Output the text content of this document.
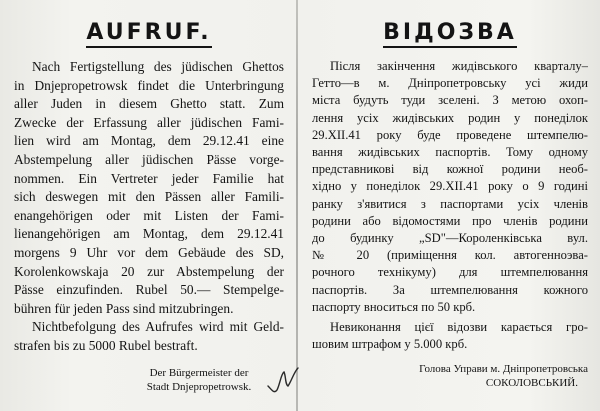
AUFRUF.
Nach Fertigstellung des jüdischen Ghettos
in Dnjepropetrowsk findet die Unterbringung
aller Juden in diesem Ghetto statt. Zum
Zwecke der Erfassung aller jüdischen Fami-
lien wird am Montag, dem 29.12.41 eine
Abstempelung aller jüdischen Pässe vorge-
nommen. Ein Vertreter jeder Familie hat
sich deswegen mit den Pässen aller Famili-
enangehörigen oder mit Listen der Fami-
lienangehörigen am Montag, dem 29.12.41
morgens 9 Uhr vor dem Gebäude des SD,
Korolenkowskaja 20 zur Abstempelung der
Pässe einzufinden. Rubel 50.— Stempelge-
bühren für jeden Pass sind mitzubringen.
Nichtbefolgung des Aufrufes wird mit Geld-
strafen bis zu 5000 Rubel bestraft.
Der Bürgermeister der
Stadt Dnjepropetrowsk.
ВІДОЗВА
Після закінчення жидівського кварталу–
Гетто—в м. Дніпропетровську усі жиди
міста будуть туди зселені. З метою охоп-
лення усіх жидівських родин у понеділок
29.ХІІ.41 року буде проведене штемпелю-
вання жидівських паспортів. Тому одному
представникові від кожної родини необ-
хідно у понеділок 29.ХІІ.41 року о 9 годині
ранку з'явитися з паспортами усіх членів
родини або відомостями про членів родини
до будинку „SD"—Короленківська вул.
№ 20 (приміщення кол. автогенноэва-
рочного технікуму) для штемпелювання
паспортів. За штемпелювання кожного
паспорту вноситься по 50 крб.
Невиконання цієї відозви карається гро-
шовим штрафом у 5.000 крб.
Голова Управи м. Дніпропетровська
СОКОЛОВСЬКИЙ.
